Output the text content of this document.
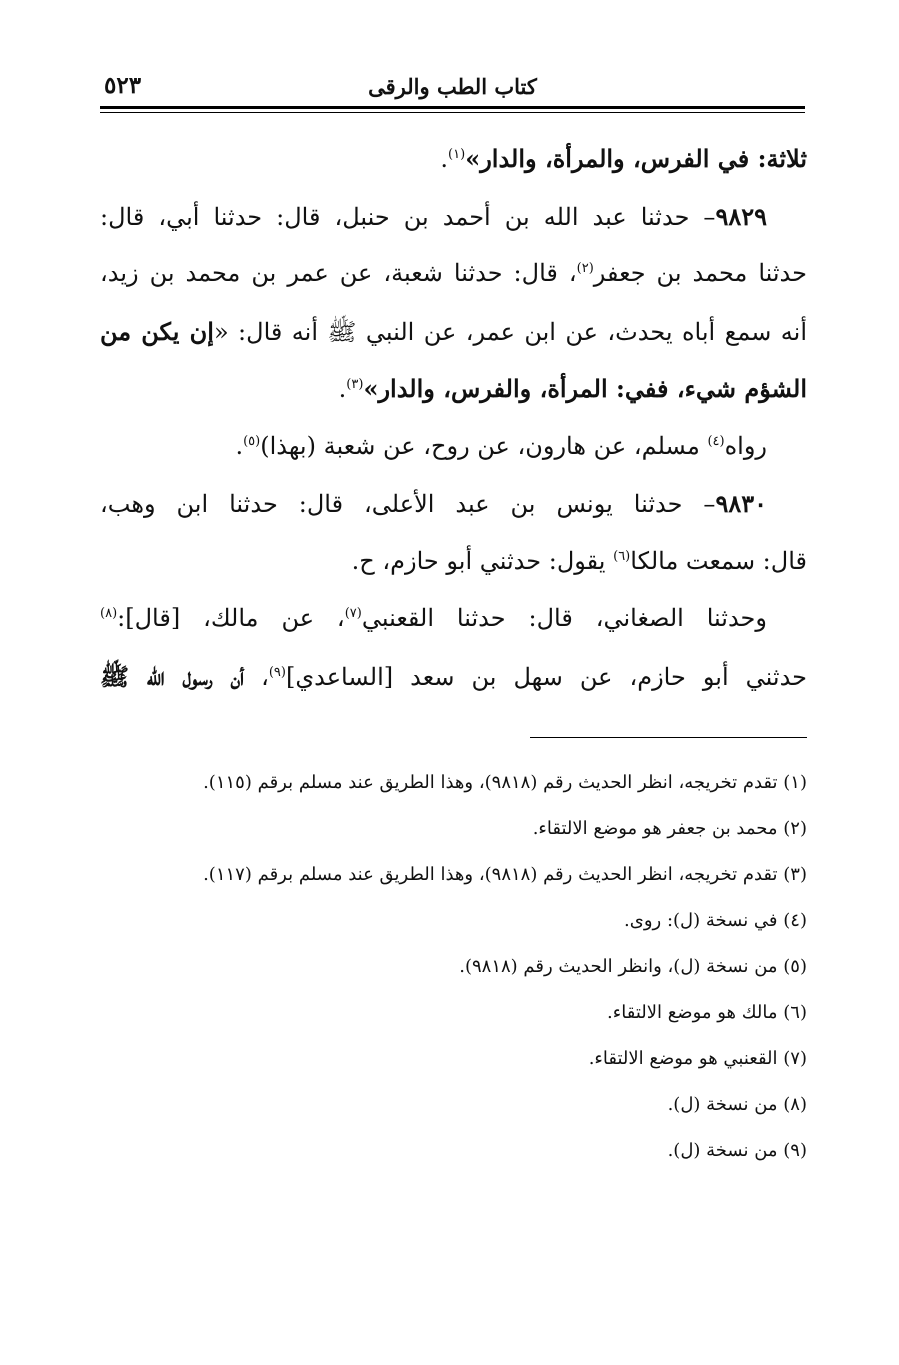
كتاب الطب والرقى
٥٢٣
ثلاثة: في الفرس، والمرأة، والدار»$^{(١)}$.
٩٨٢٩– حدثنا عبد الله بن أحمد بن حنبل، قال: حدثنا أبي، قال:
حدثنا محمد بن جعفر$^{(٢)}$، قال: حدثنا شعبة، عن عمر بن محمد بن زيد،
أنه سمع أباه يحدث، عن ابن عمر، عن النبي ﷺ أنه قال: «إن يكن من
الشؤم شيء، ففي: المرأة، والفرس، والدار»$^{(٣)}$.
رواه$^{(٤)}$ مسلم، عن هارون، عن روح، عن شعبة (بهذا)$^{(٥)}$.
٩٨٣٠– حدثنا يونس بن عبد الأعلى، قال: حدثنا ابن وهب،
قال: سمعت مالكا$^{(٦)}$ يقول: حدثني أبو حازم، ح.
وحدثنا الصغاني، قال: حدثنا القعنبي$^{(٧)}$، عن مالك، [قال]:$^{(٨)}$
حدثني أبو حازم، عن سهل بن سعد [الساعدي]$^{(٩)}$، أن رسول الله ﷺ
(١) تقدم تخريجه، انظر الحديث رقم (٩٨١٨)، وهذا الطريق عند مسلم برقم (١١٥).
(٢) محمد بن جعفر هو موضع الالتقاء.
(٣) تقدم تخريجه، انظر الحديث رقم (٩٨١٨)، وهذا الطريق عند مسلم برقم (١١٧).
(٤) في نسخة (ل): روى.
(٥) من نسخة (ل)، وانظر الحديث رقم (٩٨١٨).
(٦) مالك هو موضع الالتقاء.
(٧) القعنبي هو موضع الالتقاء.
(٨) من نسخة (ل).
(٩) من نسخة (ل).
